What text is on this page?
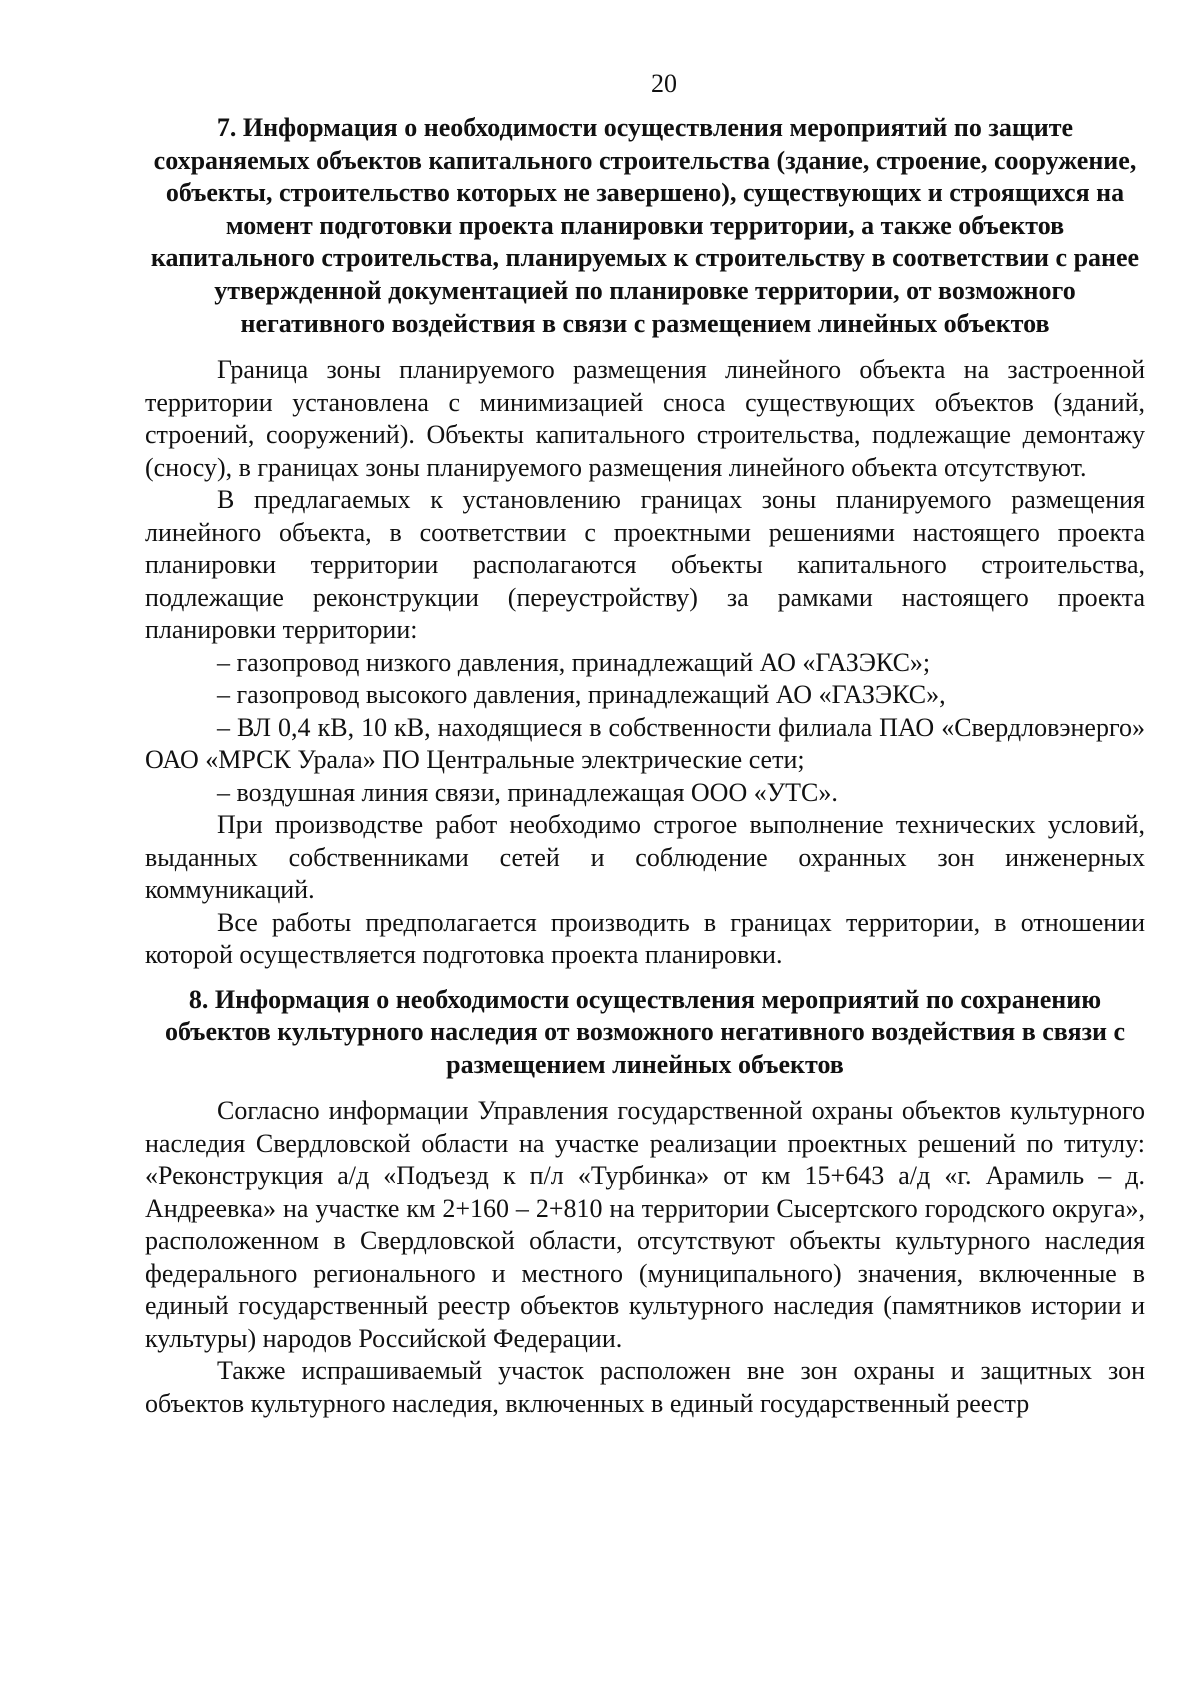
20
7. Информация о необходимости осуществления мероприятий по защите сохраняемых объектов капитального строительства (здание, строение, сооружение, объекты, строительство которых не завершено), существующих и строящихся на момент подготовки проекта планировки территории, а также объектов капитального строительства, планируемых к строительству в соответствии с ранее утвержденной документацией по планировке территории, от возможного негативного воздействия в связи с размещением линейных объектов

Граница зоны планируемого размещения линейного объекта на застроенной территории установлена с минимизацией сноса существующих объектов (зданий, строений, сооружений). Объекты капитального строительства, подлежащие демонтажу (сносу), в границах зоны планируемого размещения линейного объекта отсутствуют.

В предлагаемых к установлению границах зоны планируемого размещения линейного объекта, в соответствии с проектными решениями настоящего проекта планировки территории располагаются объекты капитального строительства, подлежащие реконструкции (переустройству) за рамками настоящего проекта планировки территории:

– газопровод низкого давления, принадлежащий АО «ГАЗЭКС»;

– газопровод высокого давления, принадлежащий АО «ГАЗЭКС»,

– ВЛ 0,4 кВ, 10 кВ, находящиеся в собственности филиала ПАО «Свердловэнерго» ОАО «МРСК Урала» ПО Центральные электрические сети;

– воздушная линия связи, принадлежащая ООО «УТС».

При производстве работ необходимо строгое выполнение технических условий, выданных собственниками сетей и соблюдение охранных зон инженерных коммуникаций.

Все работы предполагается производить в границах территории, в отношении которой осуществляется подготовка проекта планировки.

8. Информация о необходимости осуществления мероприятий по сохранению объектов культурного наследия от возможного негативного воздействия в связи с размещением линейных объектов

Согласно информации Управления государственной охраны объектов культурного наследия Свердловской области на участке реализации проектных решений по титулу: «Реконструкция а/д «Подъезд к п/л «Турбинка» от км 15+643 а/д «г. Арамиль – д. Андреевка» на участке км 2+160 – 2+810 на территории Сысертского городского округа», расположенном в Свердловской области, отсутствуют объекты культурного наследия федерального регионального и местного (муниципального) значения, включенные в единый государственный реестр объектов культурного наследия (памятников истории и культуры) народов Российской Федерации.

Также испрашиваемый участок расположен вне зон охраны и защитных зон объектов культурного наследия, включенных в единый государственный реестр
